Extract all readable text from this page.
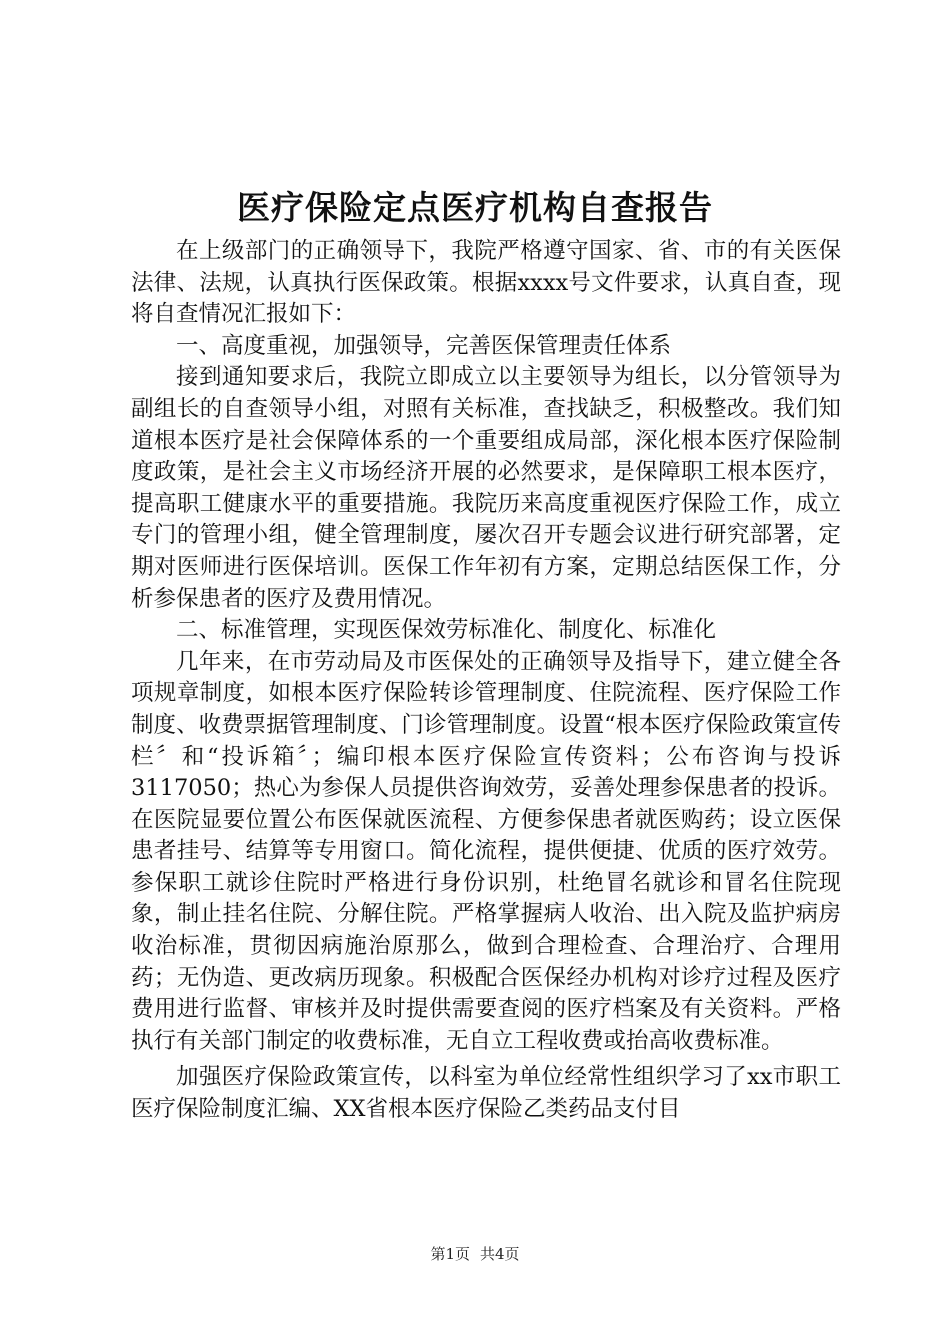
医疗保险定点医疗机构自查报告

在上级部门的正确领导下，我院严格遵守国家、省、市的有关医保法律、法规，认真执行医保政策。根据xxxx号文件要求，认真自查，现将自查情况汇报如下：

一、高度重视，加强领导，完善医保管理责任体系

接到通知要求后，我院立即成立以主要领导为组长，以分管领导为副组长的自查领导小组，对照有关标准，查找缺乏，积极整改。我们知道根本医疗是社会保障体系的一个重要组成局部，深化根本医疗保险制度政策，是社会主义市场经济开展的必然要求，是保障职工根本医疗，提高职工健康水平的重要措施。我院历来高度重视医疗保险工作，成立专门的管理小组，健全管理制度，屡次召开专题会议进行研究部署，定期对医师进行医保培训。医保工作年初有方案，定期总结医保工作，分析参保患者的医疗及费用情况。

二、标准管理，实现医保效劳标准化、制度化、标准化

几年来，在市劳动局及市医保处的正确领导及指导下，建立健全各项规章制度，如根本医疗保险转诊管理制度、住院流程、医疗保险工作制度、收费票据管理制度、门诊管理制度。设置“根本医疗保险政策宣传栏〞和“投诉箱〞；编印根本医疗保险宣传资料；公布咨询与投诉　3117050；热心为参保人员提供咨询效劳，妥善处理参保患者的投诉。在医院显要位置公布医保就医流程、方便参保患者就医购药；设立医保患者挂号、结算等专用窗口。简化流程，提供便捷、优质的医疗效劳。参保职工就诊住院时严格进行身份识别，杜绝冒名就诊和冒名住院现象，制止挂名住院、分解住院。严格掌握病人收治、出入院及监护病房收治标准，贯彻因病施治原那么，做到合理检查、合理治疗、合理用药；无伪造、更改病历现象。积极配合医保经办机构对诊疗过程及医疗费用进行监督、审核并及时提供需要查阅的医疗档案及有关资料。严格执行有关部门制定的收费标准，无自立工程收费或抬高收费标准。

加强医疗保险政策宣传，以科室为单位经常性组织学习了xx市职工医疗保险制度汇编、XX省根本医疗保险乙类药品支付目

第1页 共4页
